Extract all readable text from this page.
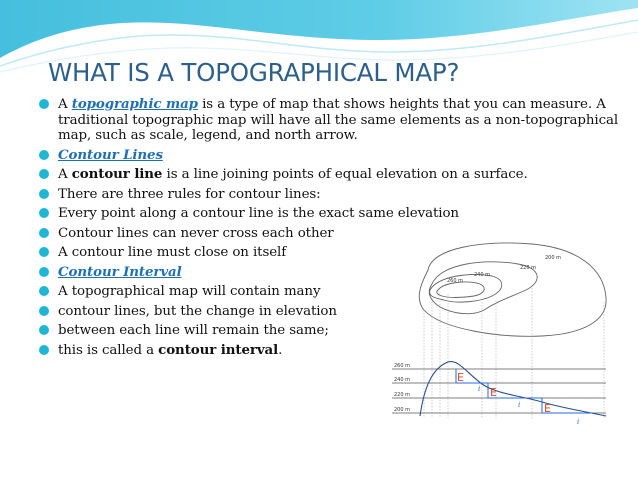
WHAT IS A TOPOGRAPHICAL MAP?
A topographic map is a type of map that shows heights that you can measure. A traditional topographic map will have all the same elements as a non-topographical map, such as scale, legend, and north arrow.
Contour Lines
A contour line is a line joining points of equal elevation on a surface.
There are three rules for contour lines:
Every point along a contour line is the exact same elevation
Contour lines can never cross each other
A contour line must close on itself
Contour Interval
A topographical map will contain many
contour lines, but the change in elevation
between each line will remain the same;
this is called a contour interval.
200 m
220 m
240 m
260 m
260 m
240 m
220 m
200 m
E
E
E
i
i
i
